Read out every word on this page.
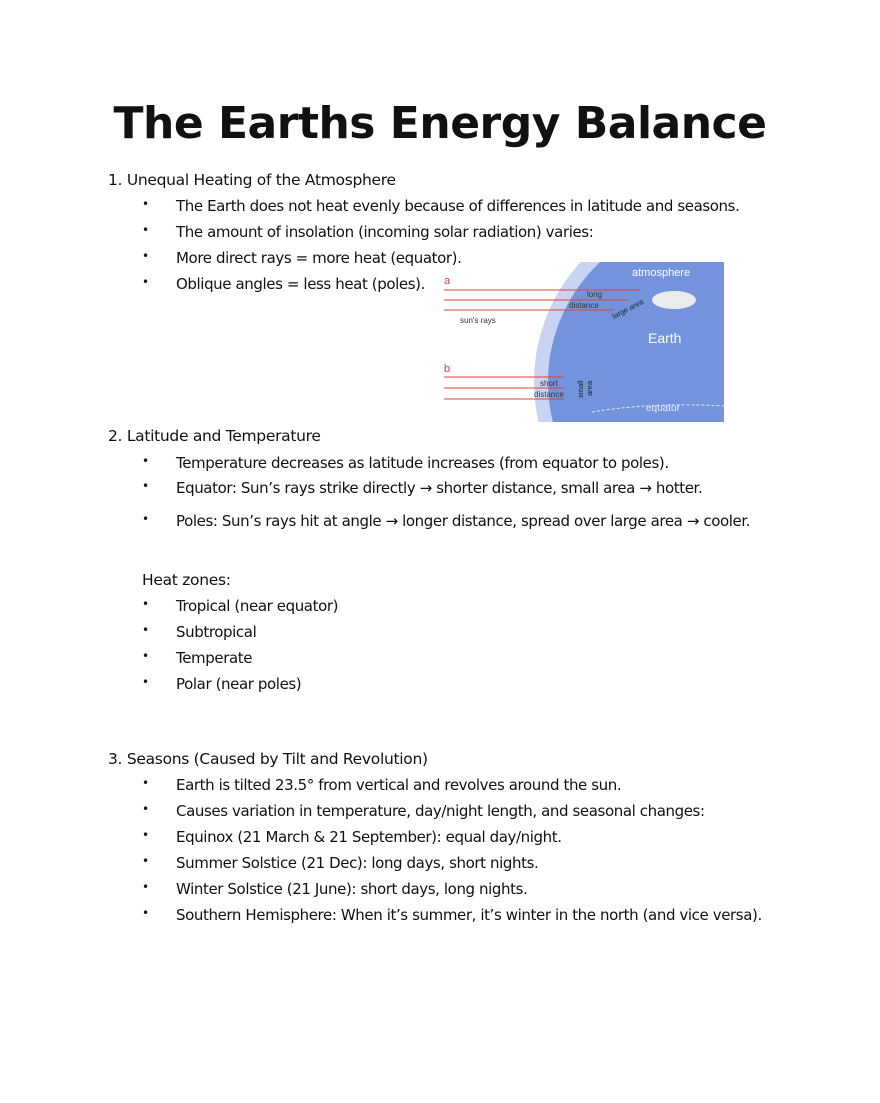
The Earths Energy Balance
1. Unequal Heating of the Atmosphere
• The Earth does not heat evenly because of differences in latitude and seasons.
• The amount of insolation (incoming solar radiation) varies:
• More direct rays = more heat (equator).
• Oblique angles = less heat (poles).	a
b
sun's rays
long
distance large area
atmosphere
Earth
short
distance small area
equator
2. Latitude and Temperature
• Temperature decreases as latitude increases (from equator to poles).
• Equator: Sun’s rays strike directly → shorter distance, small area → hotter.
• Poles: Sun’s rays hit at angle → longer distance, spread over large area → cooler.
Heat zones:
• Tropical (near equator)
• Subtropical
• Temperate
• Polar (near poles)
3. Seasons (Caused by Tilt and Revolution)
• Earth is tilted 23.5° from vertical and revolves around the sun.
• Causes variation in temperature, day/night length, and seasonal changes:
• Equinox (21 March & 21 September): equal day/night.
• Summer Solstice (21 Dec): long days, short nights.
• Winter Solstice (21 June): short days, long nights.
• Southern Hemisphere: When it’s summer, it’s winter in the north (and vice versa).
